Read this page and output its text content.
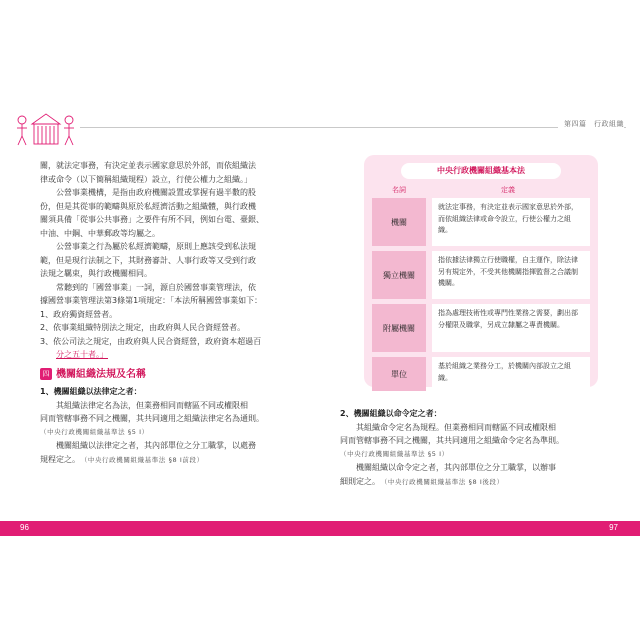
第四篇　行政組織

關，就法定事務，有決定並表示國家意思於外部，而依組織法

律或命令（以下簡稱組織規程）設立，行使公權力之組織。」

公營事業機構，是指由政府機關設置或掌握有過半數的股

份，但是其從事的範疇與原於私經濟活動之組織體，與行政機

關須具備「從事公共事務」之要件有所不同，例如台電、臺銀、

中油、中鋼、中華郵政等均屬之。

公營事業之行為屬於私經濟範疇，原則上應該受到私法規

範，但是現行法制之下，其財務審計、人事行政等又受到行政

法規之羈束，與行政機關相同。

常聽到的「國營事業」一詞，源自於國營事業管理法，依

據國營事業管理法第3條第1項規定：「本法所稱國營事業如下：

1、政府獨資經營者。

2、依事業組織特別法之規定，由政府與人民合資經營者。

3、依公司法之規定，由政府與人民合資經營，政府資本超過百

分之五十者。」

四 機關組織法規及名稱

1、機關組織以法律定之者：

其組織法律定名為法，但業務相同而轄區不同或權限相

同而管轄事務不同之機關，其共同適用之組織法律定名為通則。

（中央行政機關組織基準法 §5 I）

機關組織以法律定之者，其內部單位之分工職掌，以處務

規程定之。　 （中央行政機關組織基準法 §8 I前段）

中央行政機關組織基本法
名詞	定義
機關
就法定事務，有決定並表示國家意思於外部，而依組織法律或命令設立，行使公權力之組織。
獨立機關
指依據法律獨立行使職權，自主運作，除法律另有規定外，不受其他機關指揮監督之合議制機關。
附屬機關
指為處理技術性或專門性業務之需要，劃出部分權限及職掌，另成立隸屬之專責機關。
單位
基於組織之業務分工，於機關內部設立之組織。

2、機關組織以命令定之者：

其組織命令定名為規程。但業務相同而轄區不同或權限相

同而管轄事務不同之機關，其共同適用之組織命令定名為準則。

（中央行政機關組織基準法 §5 I）

機關組織以命令定之者，其內部單位之分工職掌，以辦事

細則定之。　 （中央行政機關組織基準法 §8 I後段）

96	97
